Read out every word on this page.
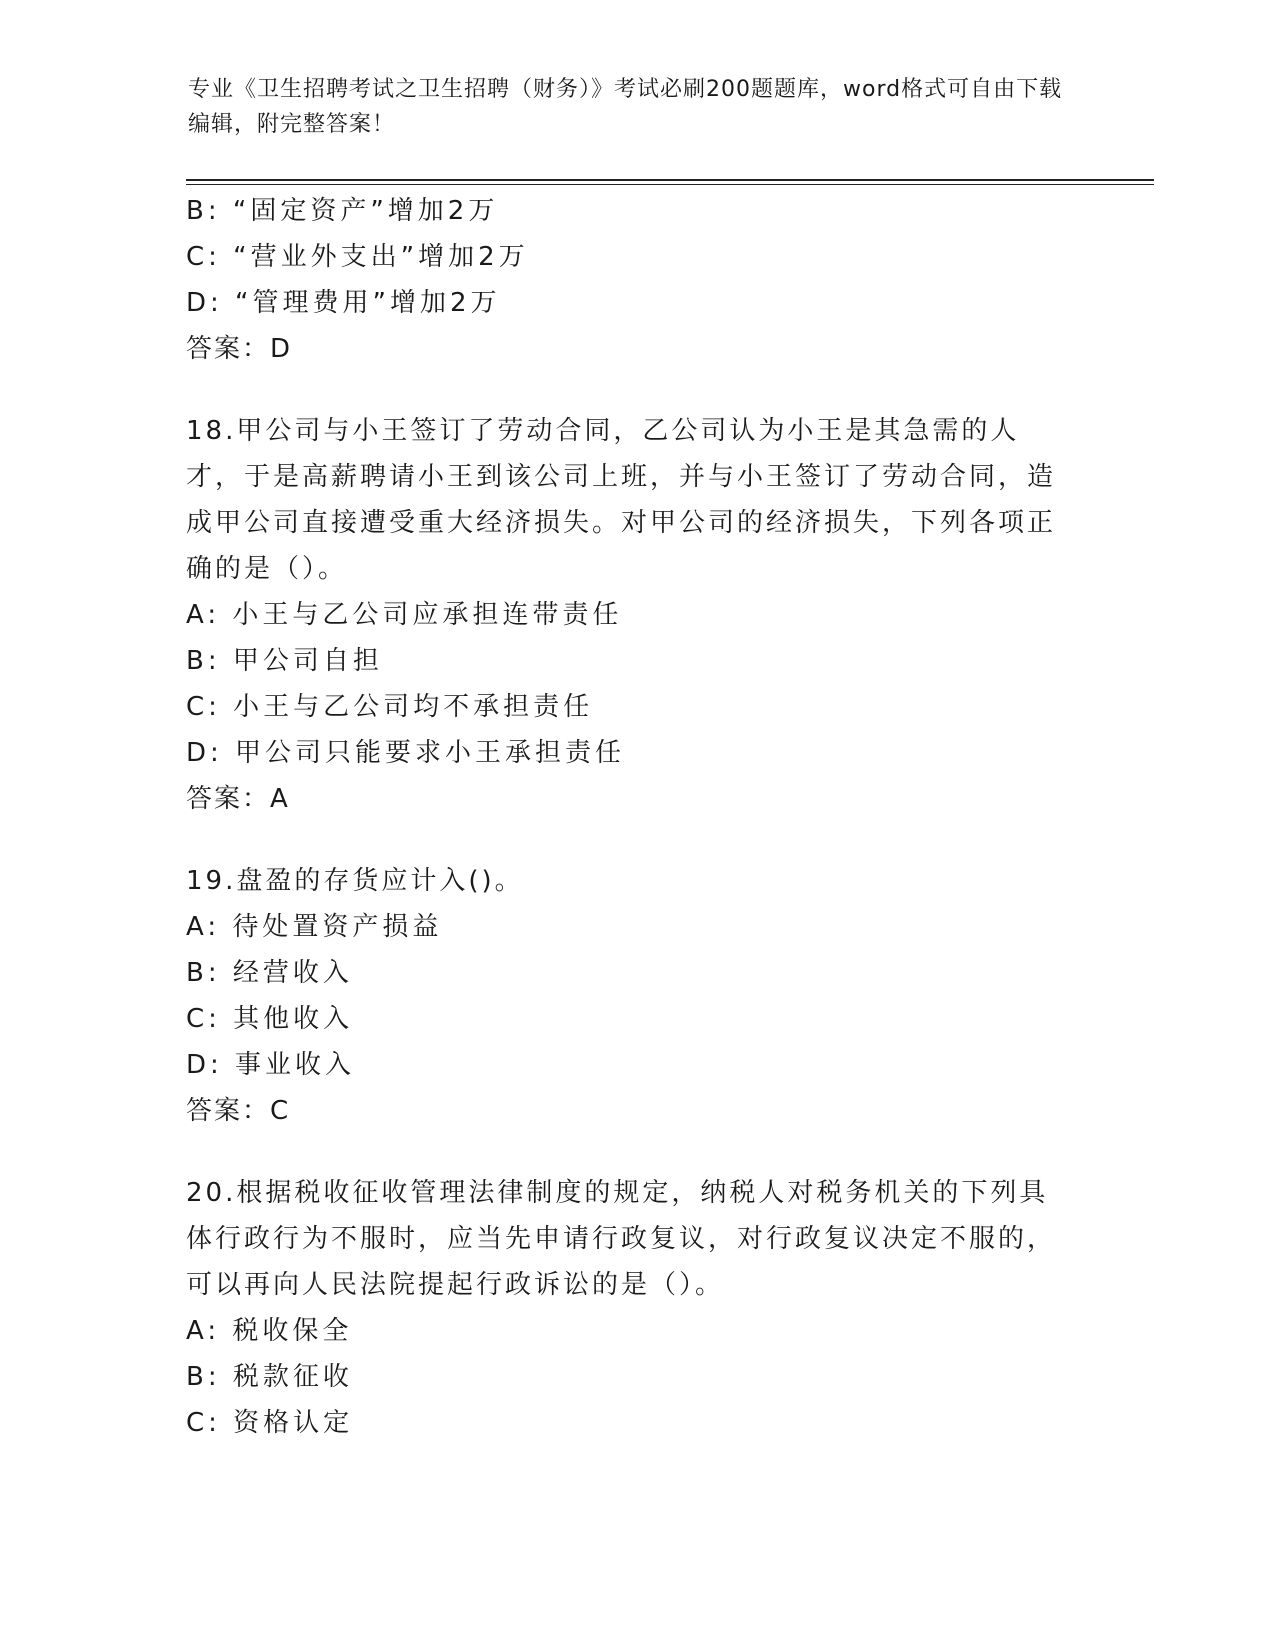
专业《卫生招聘考试之卫生招聘（财务）》考试必刷200题题库，word格式可自由下载编辑，附完整答案！
B: “固定资产”增加2万
C: “营业外支出”增加2万
D: “管理费用”增加2万
答案：D
18.甲公司与小王签订了劳动合同，乙公司认为小王是其急需的人才，于是高薪聘请小王到该公司上班，并与小王签订了劳动合同，造成甲公司直接遭受重大经济损失。对甲公司的经济损失，下列各项正确的是（）。
A: 小王与乙公司应承担连带责任
B: 甲公司自担
C: 小王与乙公司均不承担责任
D: 甲公司只能要求小王承担责任
答案：A
19.盘盈的存货应计入()。
A: 待处置资产损益
B: 经营收入
C: 其他收入
D: 事业收入
答案：C
20.根据税收征收管理法律制度的规定，纳税人对税务机关的下列具体行政行为不服时，应当先申请行政复议，对行政复议决定不服的，可以再向人民法院提起行政诉讼的是（）。
A: 税收保全
B: 税款征收
C: 资格认定
